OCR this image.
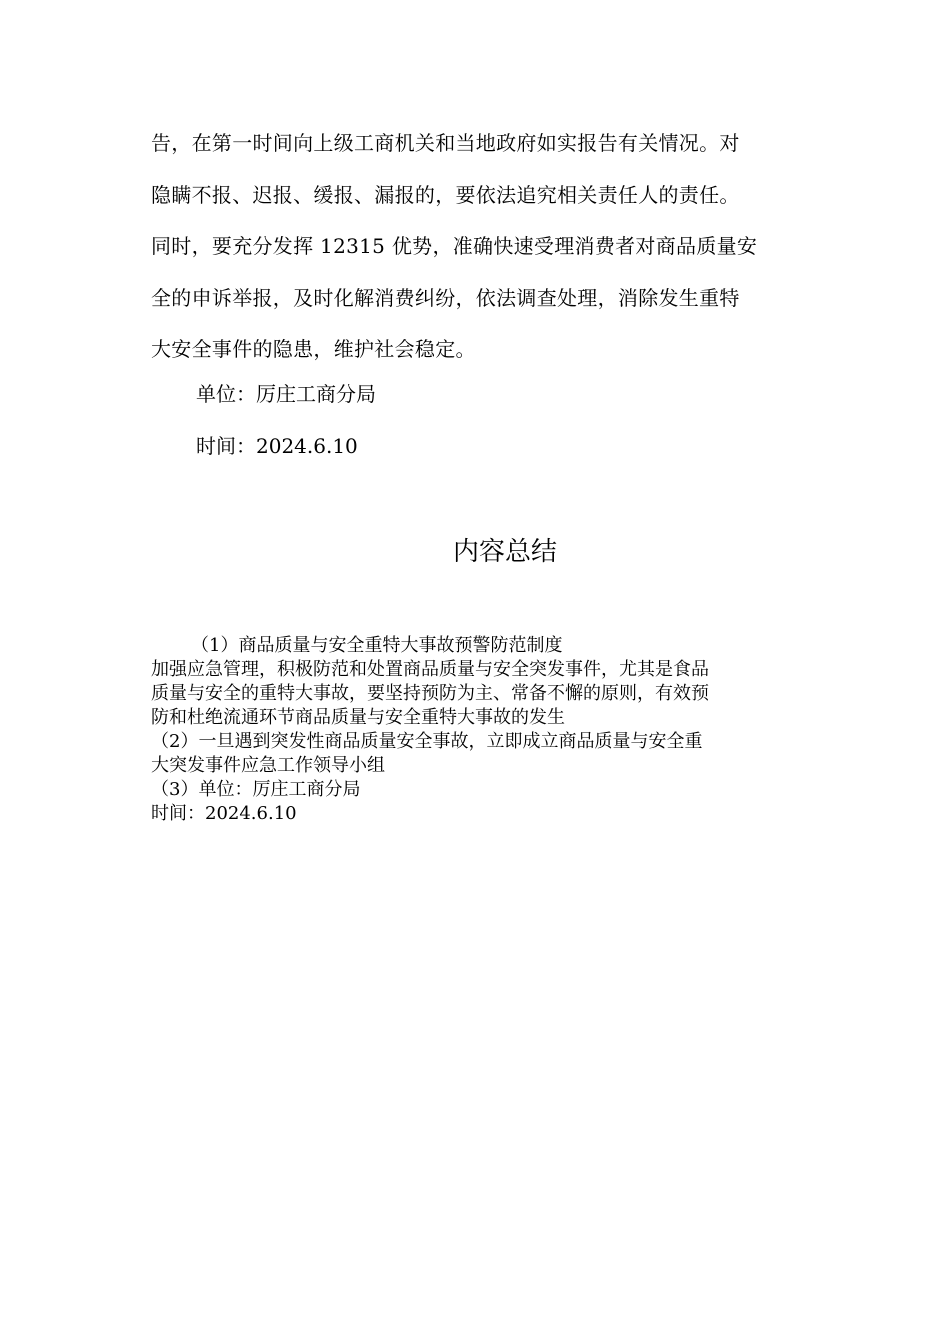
告，在第一时间向上级工商机关和当地政府如实报告有关情况。对
隐瞒不报、迟报、缓报、漏报的，要依法追究相关责任人的责任。
同时，要充分发挥 12315 优势，准确快速受理消费者对商品质量安
全的申诉举报，及时化解消费纠纷，依法调查处理，消除发生重特
大安全事件的隐患，维护社会稳定。
单位：厉庄工商分局
时间：2024.6.10
内容总结
（1）商品质量与安全重特大事故预警防范制度
加强应急管理，积极防范和处置商品质量与安全突发事件，尤其是食品
质量与安全的重特大事故，要坚持预防为主、常备不懈的原则，有效预
防和杜绝流通环节商品质量与安全重特大事故的发生
（2）一旦遇到突发性商品质量安全事故，立即成立商品质量与安全重
大突发事件应急工作领导小组
（3）单位：厉庄工商分局
时间：2024.6.10
